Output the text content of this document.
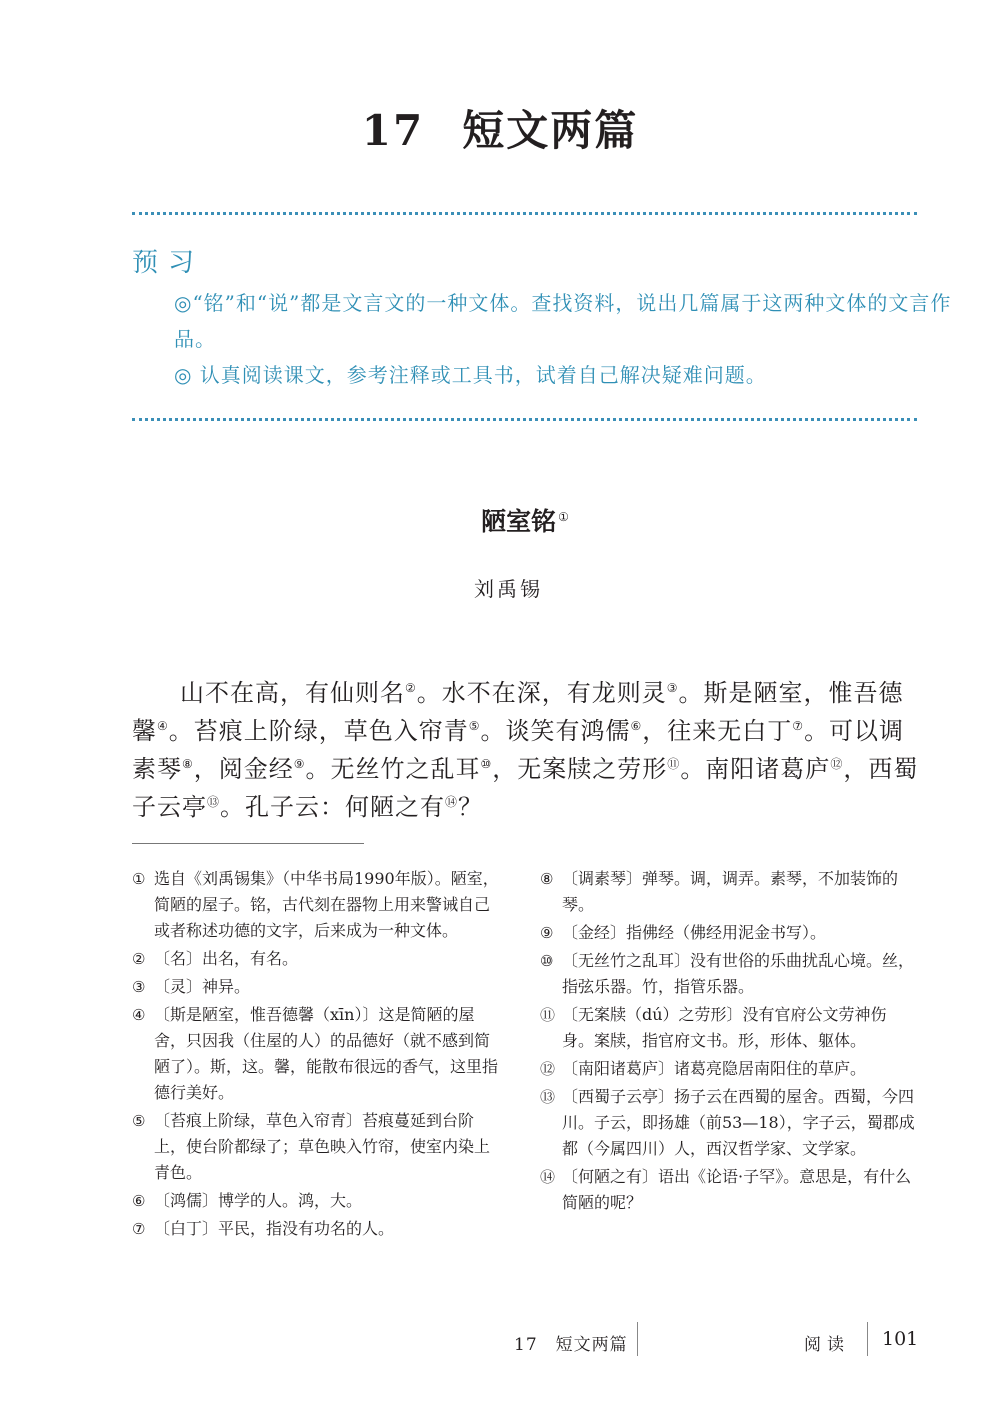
17 短文两篇
预习
◎“铭”和“说”都是文言文的一种文体。查找资料，说出几篇属于这两种文体的文言作品。
◎ 认真阅读课文，参考注释或工具书，试着自己解决疑难问题。
陋室铭 ①
刘禹锡
山不在高，有仙则名②。水不在深，有龙则灵③。斯是陋室，惟吾德馨④。苔痕上阶绿，草色入帘青⑤。谈笑有鸿儒⑥，往来无白丁⑦。可以调素琴⑧，阅金经⑨。无丝竹之乱耳⑩，无案牍之劳形⑪。南阳诸葛庐⑫，西蜀子云亭⑬。孔子云：何陋之有⑭？
① 选自《刘禹锡集》（中华书局1990年版）。陋室，简陋的屋子。铭，古代刻在器物上用来警诫自己或者称述功德的文字，后来成为一种文体。
② 〔名〕出名，有名。
③ 〔灵〕神异。
④ 〔斯是陋室，惟吾德馨（xīn）〕这是简陋的屋舍，只因我（住屋的人）的品德好（就不感到简陋了）。斯，这。馨，能散布很远的香气，这里指德行美好。
⑤ 〔苔痕上阶绿，草色入帘青〕苔痕蔓延到台阶上，使台阶都绿了；草色映入竹帘，使室内染上青色。
⑥ 〔鸿儒〕博学的人。鸿，大。
⑦ 〔白丁〕平民，指没有功名的人。
⑧ 〔调素琴〕弹琴。调，调弄。素琴，不加装饰的琴。
⑨ 〔金经〕指佛经（佛经用泥金书写）。
⑩ 〔无丝竹之乱耳〕没有世俗的乐曲扰乱心境。丝，指弦乐器。竹，指管乐器。
⑪ 〔无案牍（dú）之劳形〕没有官府公文劳神伤身。案牍，指官府文书。形，形体、躯体。
⑫ 〔南阳诸葛庐〕诸葛亮隐居南阳住的草庐。
⑬ 〔西蜀子云亭〕扬子云在西蜀的屋舍。西蜀，今四川。子云，即扬雄（前53—18），字子云，蜀郡成都（今属四川）人，西汉哲学家、文学家。
⑭ 〔何陋之有〕语出《论语·子罕》。意思是，有什么简陋的呢？
17　短文两篇	阅读 101
